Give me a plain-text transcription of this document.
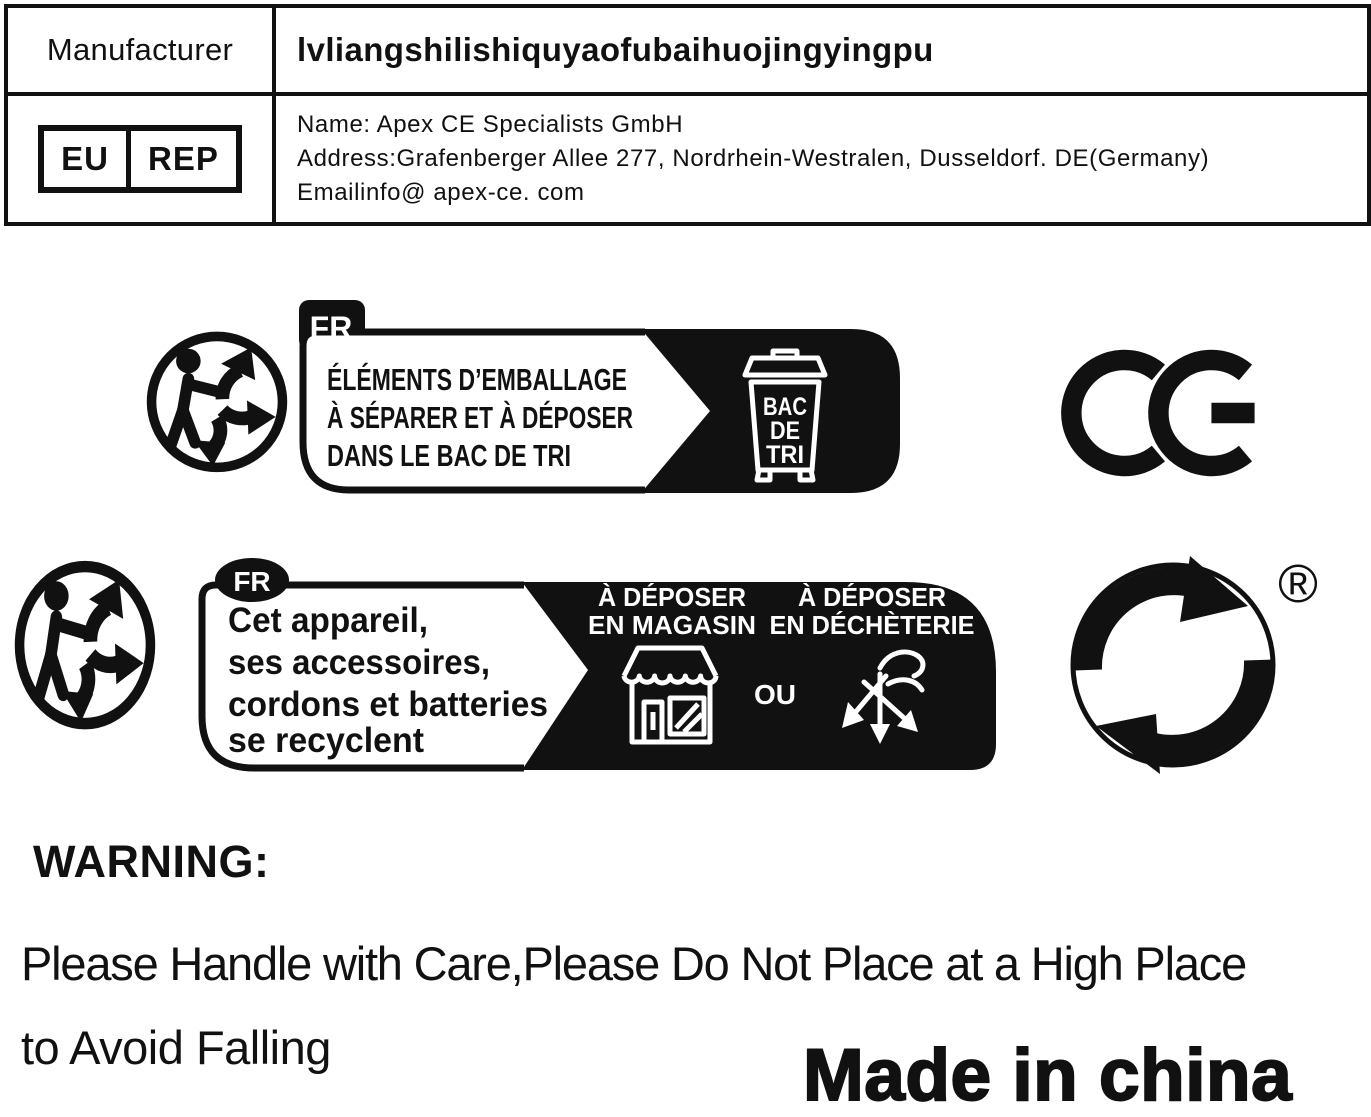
Manufacturer lvliangshilishiquyaofubaihuojingyingpu
EU	REP
Name: Apex CE Specialists GmbH
Address:Grafenberger Allee 277, Nordrhein-Westralen, Dusseldorf. DE(Germany)
Emailinfo@ apex-ce. com
FR
ÉLÉMENTS D’EMBALLAGE
À SÉPARER ET À DÉPOSER
DANS LE BAC DE TRI
BAC
DE
TRI
FR
Cet appareil,
ses accessoires,
cordons et batteries
se recyclent
À DÉPOSER
EN MAGASIN
OU
À DÉPOSER
EN DÉCHÈTERIE
®
WARNING:
Please Handle with Care,Please Do Not Place at a High Place
to Avoid Falling	Made in china
